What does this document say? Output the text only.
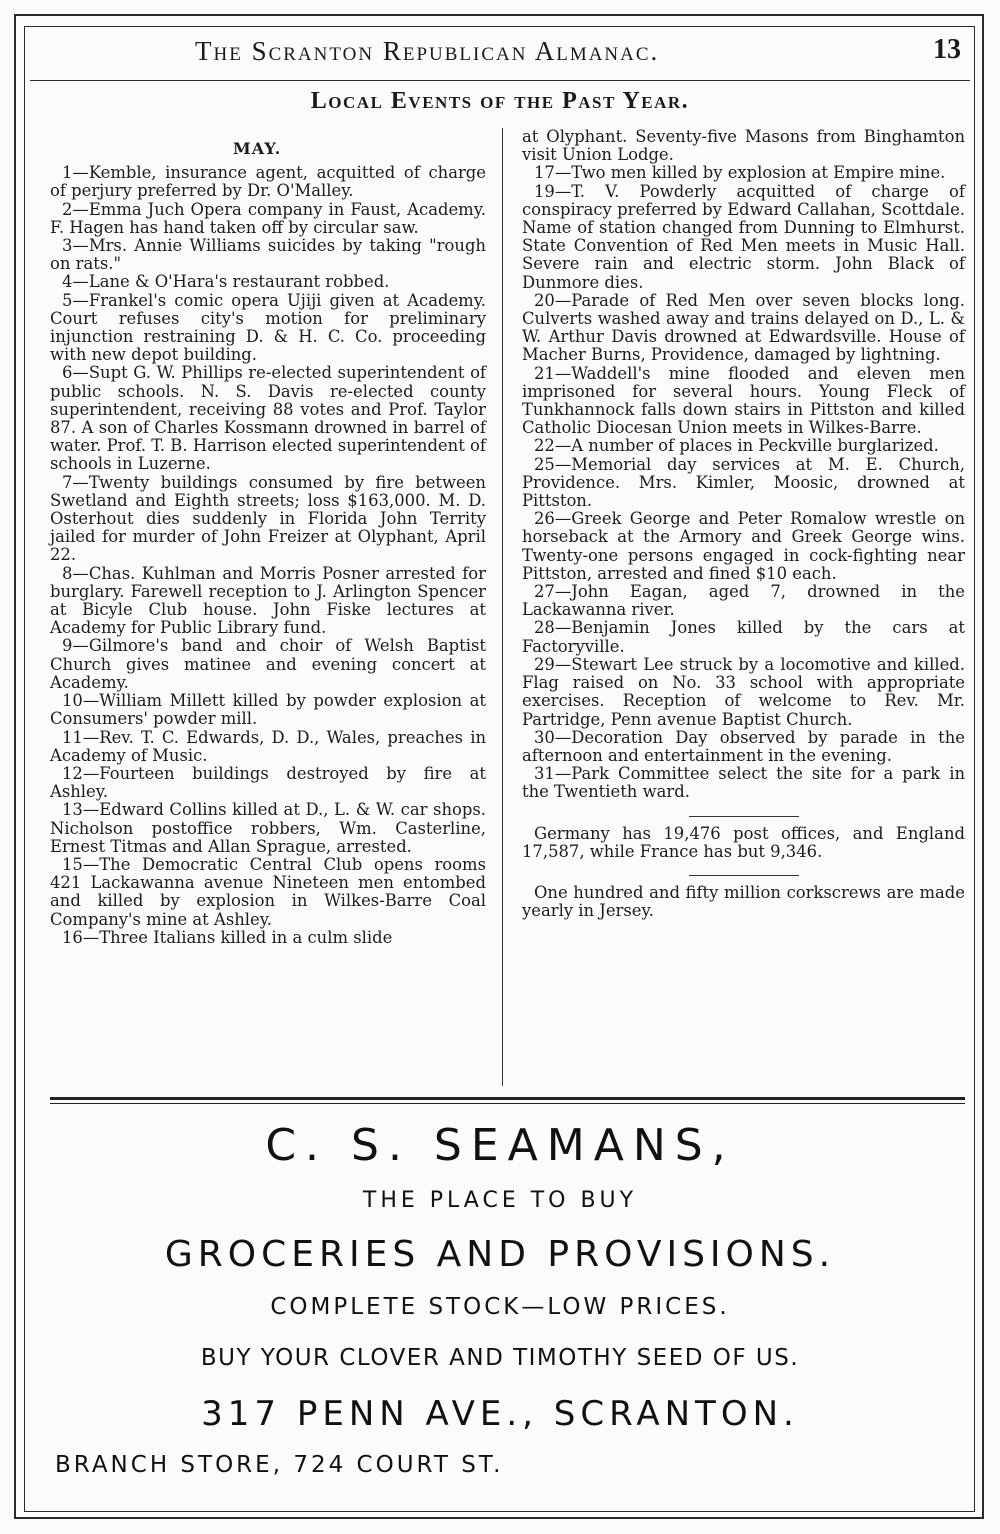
The Scranton Republican Almanac.	13
Local Events of the Past Year.
MAY.

1—Kemble, insurance agent, acquitted of charge of perjury preferred by Dr. O'Malley.

2—Emma Juch Opera company in Faust, Academy. F. Hagen has hand taken off by circular saw.

3—Mrs. Annie Williams suicides by taking "rough on rats."

4—Lane & O'Hara's restaurant robbed.

5—Frankel's comic opera Ujiji given at Academy. Court refuses city's motion for preliminary injunction restraining D. & H. C. Co. proceeding with new depot building.

6—Supt G. W. Phillips re-elected superintendent of public schools. N. S. Davis re-elected county superintendent, receiving 88 votes and Prof. Taylor 87. A son of Charles Kossmann drowned in barrel of water. Prof. T. B. Harrison elected superintendent of schools in Luzerne.

7—Twenty buildings consumed by fire between Swetland and Eighth streets; loss $163,000. M. D. Osterhout dies suddenly in Florida John Territy jailed for murder of John Freizer at Olyphant, April 22.

8—Chas. Kuhlman and Morris Posner arrested for burglary. Farewell reception to J. Arlington Spencer at Bicyle Club house. John Fiske lectures at Academy for Public Library fund.

9—Gilmore's band and choir of Welsh Baptist Church gives matinee and evening concert at Academy.

10—William Millett killed by powder explosion at Consumers' powder mill.

11—Rev. T. C. Edwards, D. D., Wales, preaches in Academy of Music.

12—Fourteen buildings destroyed by fire at Ashley.

13—Edward Collins killed at D., L. & W. car shops. Nicholson postoffice robbers, Wm. Casterline, Ernest Titmas and Allan Sprague, arrested.

15—The Democratic Central Club opens rooms 421 Lackawanna avenue Nineteen men entombed and killed by explosion in Wilkes-Barre Coal Company's mine at Ashley.

16—Three Italians killed in a culm slide

at Olyphant. Seventy-five Masons from Binghamton visit Union Lodge.

17—Two men killed by explosion at Empire mine.

19—T. V. Powderly acquitted of charge of conspiracy preferred by Edward Callahan, Scottdale. Name of station changed from Dunning to Elmhurst. State Convention of Red Men meets in Music Hall. Severe rain and electric storm. John Black of Dunmore dies.

20—Parade of Red Men over seven blocks long. Culverts washed away and trains delayed on D., L. & W. Arthur Davis drowned at Edwardsville. House of Macher Burns, Providence, damaged by lightning.

21—Waddell's mine flooded and eleven men imprisoned for several hours. Young Fleck of Tunkhannock falls down stairs in Pittston and killed Catholic Diocesan Union meets in Wilkes-Barre.

22—A number of places in Peckville burglarized.

25—Memorial day services at M. E. Church, Providence. Mrs. Kimler, Moosic, drowned at Pittston.

26—Greek George and Peter Romalow wrestle on horseback at the Armory and Greek George wins. Twenty-one persons engaged in cock-fighting near Pittston, arrested and fined $10 each.

27—John Eagan, aged 7, drowned in the Lackawanna river.

28—Benjamin Jones killed by the cars at Factoryville.

29—Stewart Lee struck by a locomotive and killed. Flag raised on No. 33 school with appropriate exercises. Reception of welcome to Rev. Mr. Partridge, Penn avenue Baptist Church.

30—Decoration Day observed by parade in the afternoon and entertainment in the evening.

31—Park Committee select the site for a park in the Twentieth ward.

Germany has 19,476 post offices, and England 17,587, while France has but 9,346.

One hundred and fifty million corkscrews are made yearly in Jersey.

C. S. SEAMANS,
THE PLACE TO BUY
GROCERIES AND PROVISIONS.
COMPLETE STOCK—LOW PRICES.
BUY YOUR CLOVER AND TIMOTHY SEED OF US.
317 PENN AVE., SCRANTON.
BRANCH STORE, 724 COURT ST.
